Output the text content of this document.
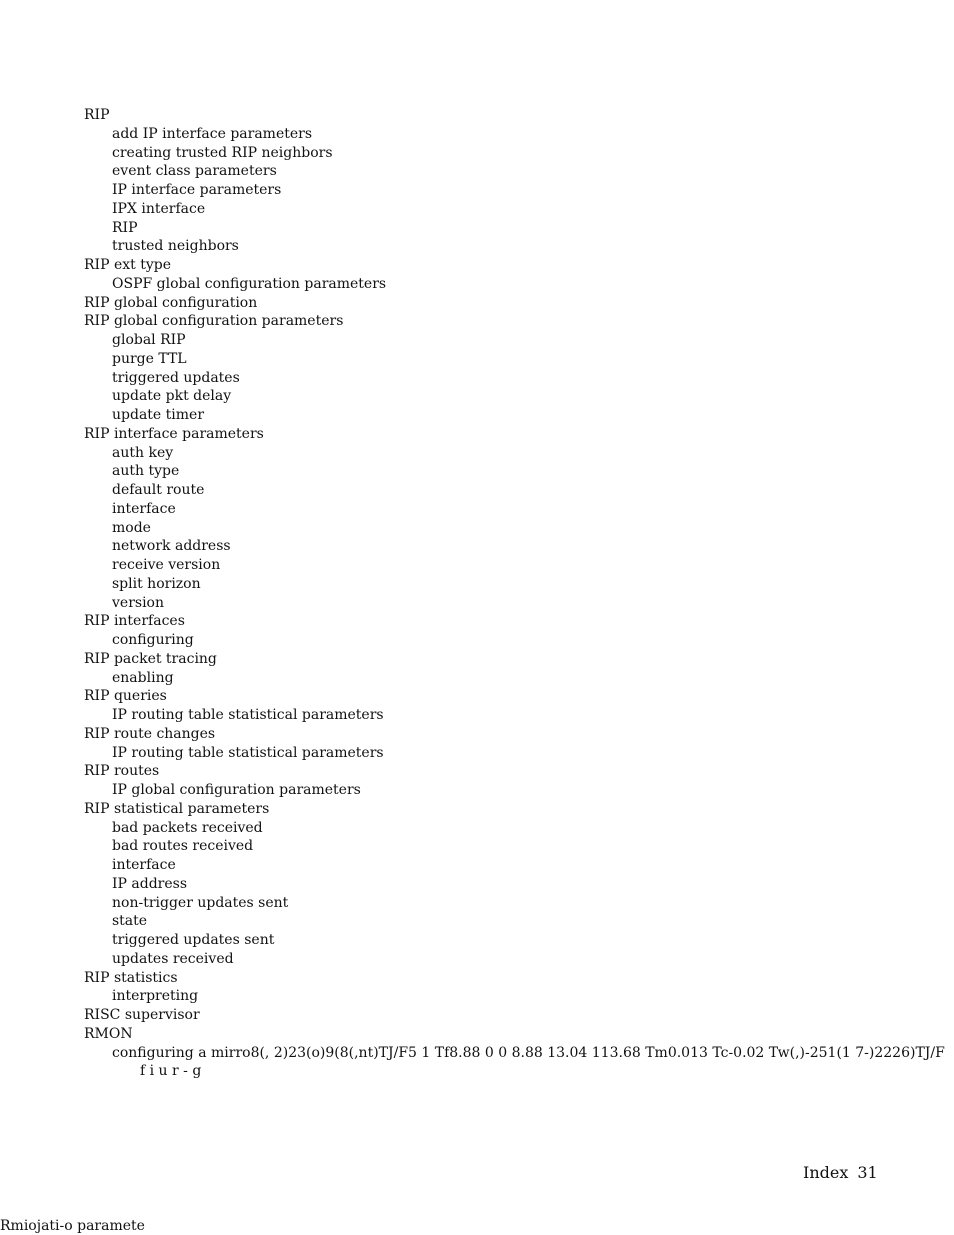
RIP
add IP interface parameters
creating trusted RIP neighbors
event class parameters
IP interface parameters
IPX interface
RIP
trusted neighbors
RIP ext type
OSPF global configuration parameters
RIP global configuration
RIP global configuration parameters
global RIP
purge TTL
triggered updates
update pkt delay
update timer
RIP interface parameters
auth key
auth type
default route
interface
mode
network address
receive version
split horizon
version
RIP interfaces
configuring
RIP packet tracing
enabling
RIP queries
IP routing table statistical parameters
RIP route changes
IP routing table statistical parameters
RIP routes
IP global configuration parameters
RIP statistical parameters
bad packets received
bad routes received
interface
IP address
non-trigger updates sent
state
triggered updates sent
updates received
RIP statistics
interpreting
RISC supervisor
RMON
configuring a mirro8(, 2)23(o)9(8(,nt)TJ/F5 1 Tf8.88 0 0 8.88 13.04 113.68 Tm0.013 Tc-0.02 Tw(,)-251(1 7-)2226)TJ/F
f i u r - g
Index 31
Rmiojati-o paramete
